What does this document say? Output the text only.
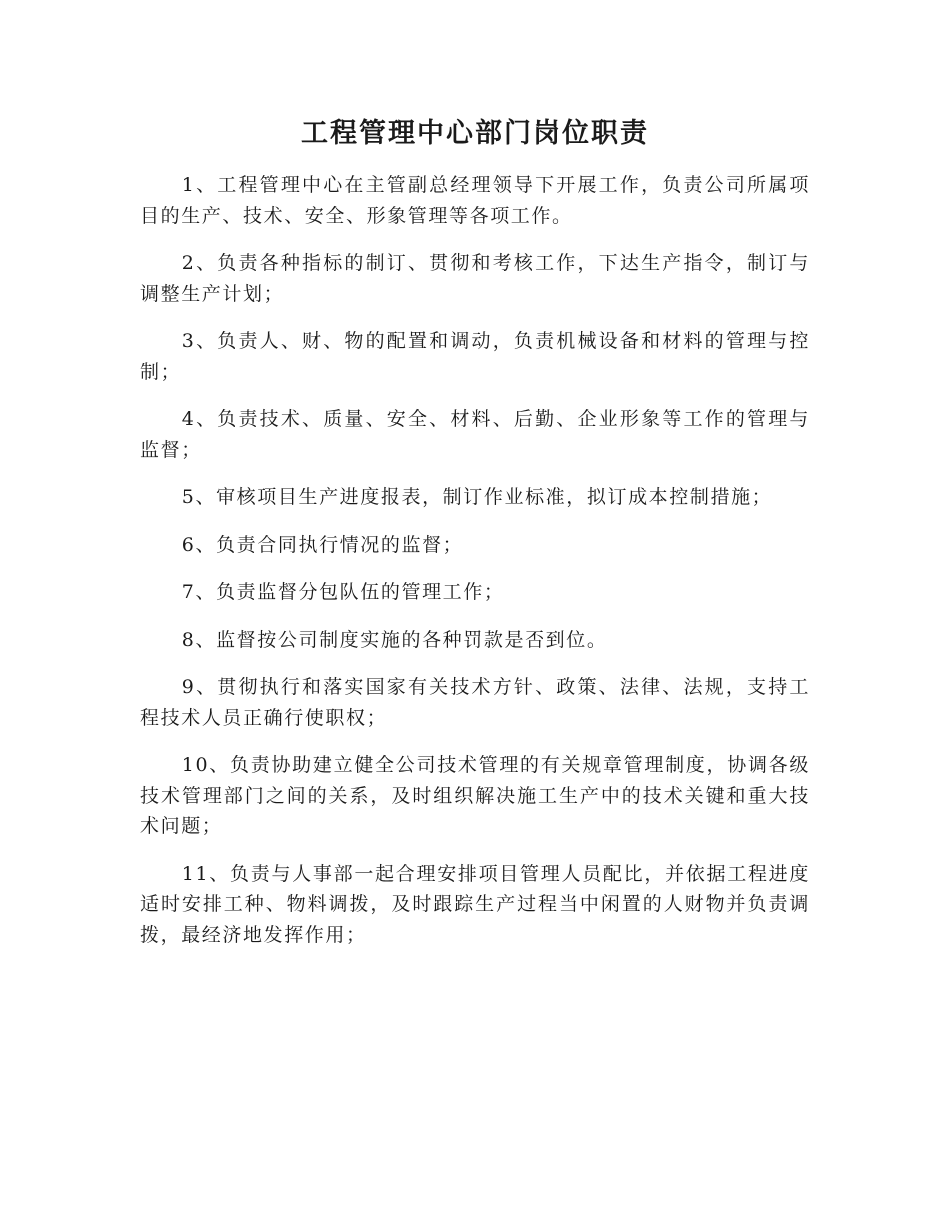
工程管理中心部门岗位职责

1、工程管理中心在主管副总经理领导下开展工作，负责公司所属项目的生产、技术、安全、形象管理等各项工作。

2、负责各种指标的制订、贯彻和考核工作，下达生产指令，制订与调整生产计划；

3、负责人、财、物的配置和调动，负责机械设备和材料的管理与控制；

4、负责技术、质量、安全、材料、后勤、企业形象等工作的管理与监督；

5、审核项目生产进度报表，制订作业标准，拟订成本控制措施；

6、负责合同执行情况的监督；

7、负责监督分包队伍的管理工作；

8、监督按公司制度实施的各种罚款是否到位。

9、贯彻执行和落实国家有关技术方针、政策、法律、法规，支持工程技术人员正确行使职权；

10、负责协助建立健全公司技术管理的有关规章管理制度，协调各级技术管理部门之间的关系，及时组织解决施工生产中的技术关键和重大技术问题；

11、负责与人事部一起合理安排项目管理人员配比，并依据工程进度适时安排工种、物料调拨，及时跟踪生产过程当中闲置的人财物并负责调拨，最经济地发挥作用；
